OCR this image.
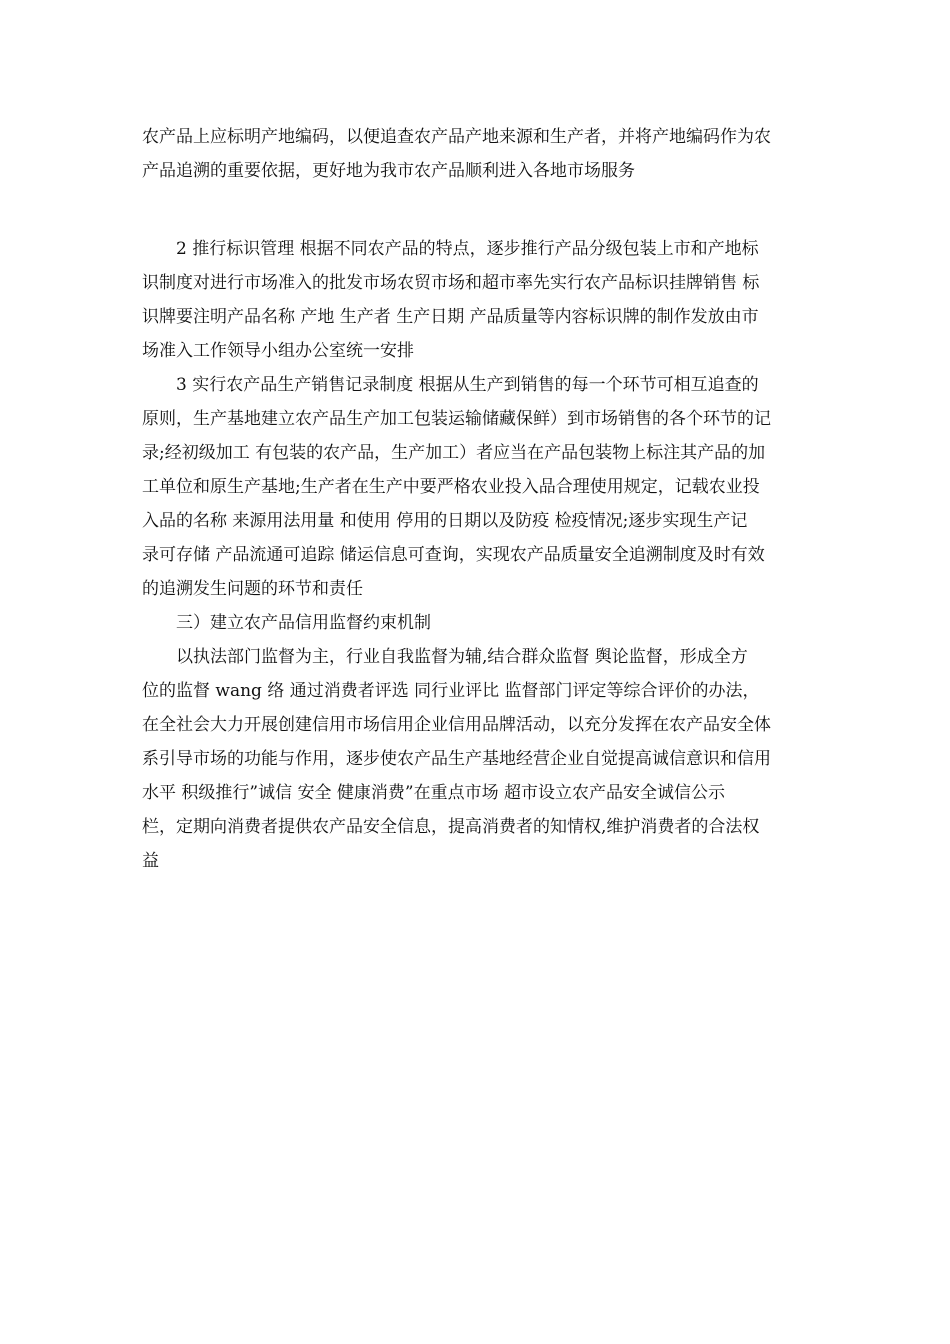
农产品上应标明产地编码，以便追查农产品产地来源和生产者，并将产地编码作为农
产品追溯的重要依据，更好地为我市农产品顺利进入各地市场服务
2 推行标识管理 根据不同农产品的特点，逐步推行产品分级包装上市和产地标
识制度对进行市场准入的批发市场农贸市场和超市率先实行农产品标识挂牌销售 标
识牌要注明产品名称 产地 生产者 生产日期 产品质量等内容标识牌的制作发放由市
场准入工作领导小组办公室统一安排
3 实行农产品生产销售记录制度 根据从生产到销售的每一个环节可相互追查的
原则，生产基地建立农产品生产加工包装运输储藏保鲜）到市场销售的各个环节的记
录;经初级加工 有包装的农产品，生产加工）者应当在产品包装物上标注其产品的加
工单位和原生产基地;生产者在生产中要严格农业投入品合理使用规定，记载农业投
入品的名称 来源用法用量 和使用 停用的日期以及防疫 检疫情况;逐步实现生产记
录可存储 产品流通可追踪 储运信息可查询，实现农产品质量安全追溯制度及时有效
的追溯发生问题的环节和责任
三）建立农产品信用监督约束机制
以执法部门监督为主，行业自我监督为辅,结合群众监督 舆论监督，形成全方
位的监督 wang 络 通过消费者评选 同行业评比 监督部门评定等综合评价的办法，
在全社会大力开展创建信用市场信用企业信用品牌活动，以充分发挥在农产品安全体
系引导市场的功能与作用，逐步使农产品生产基地经营企业自觉提高诚信意识和信用
水平 积级推行”诚信 安全 健康消费”在重点市场 超市设立农产品安全诚信公示
栏，定期向消费者提供农产品安全信息，提高消费者的知情权,维护消费者的合法权
益
